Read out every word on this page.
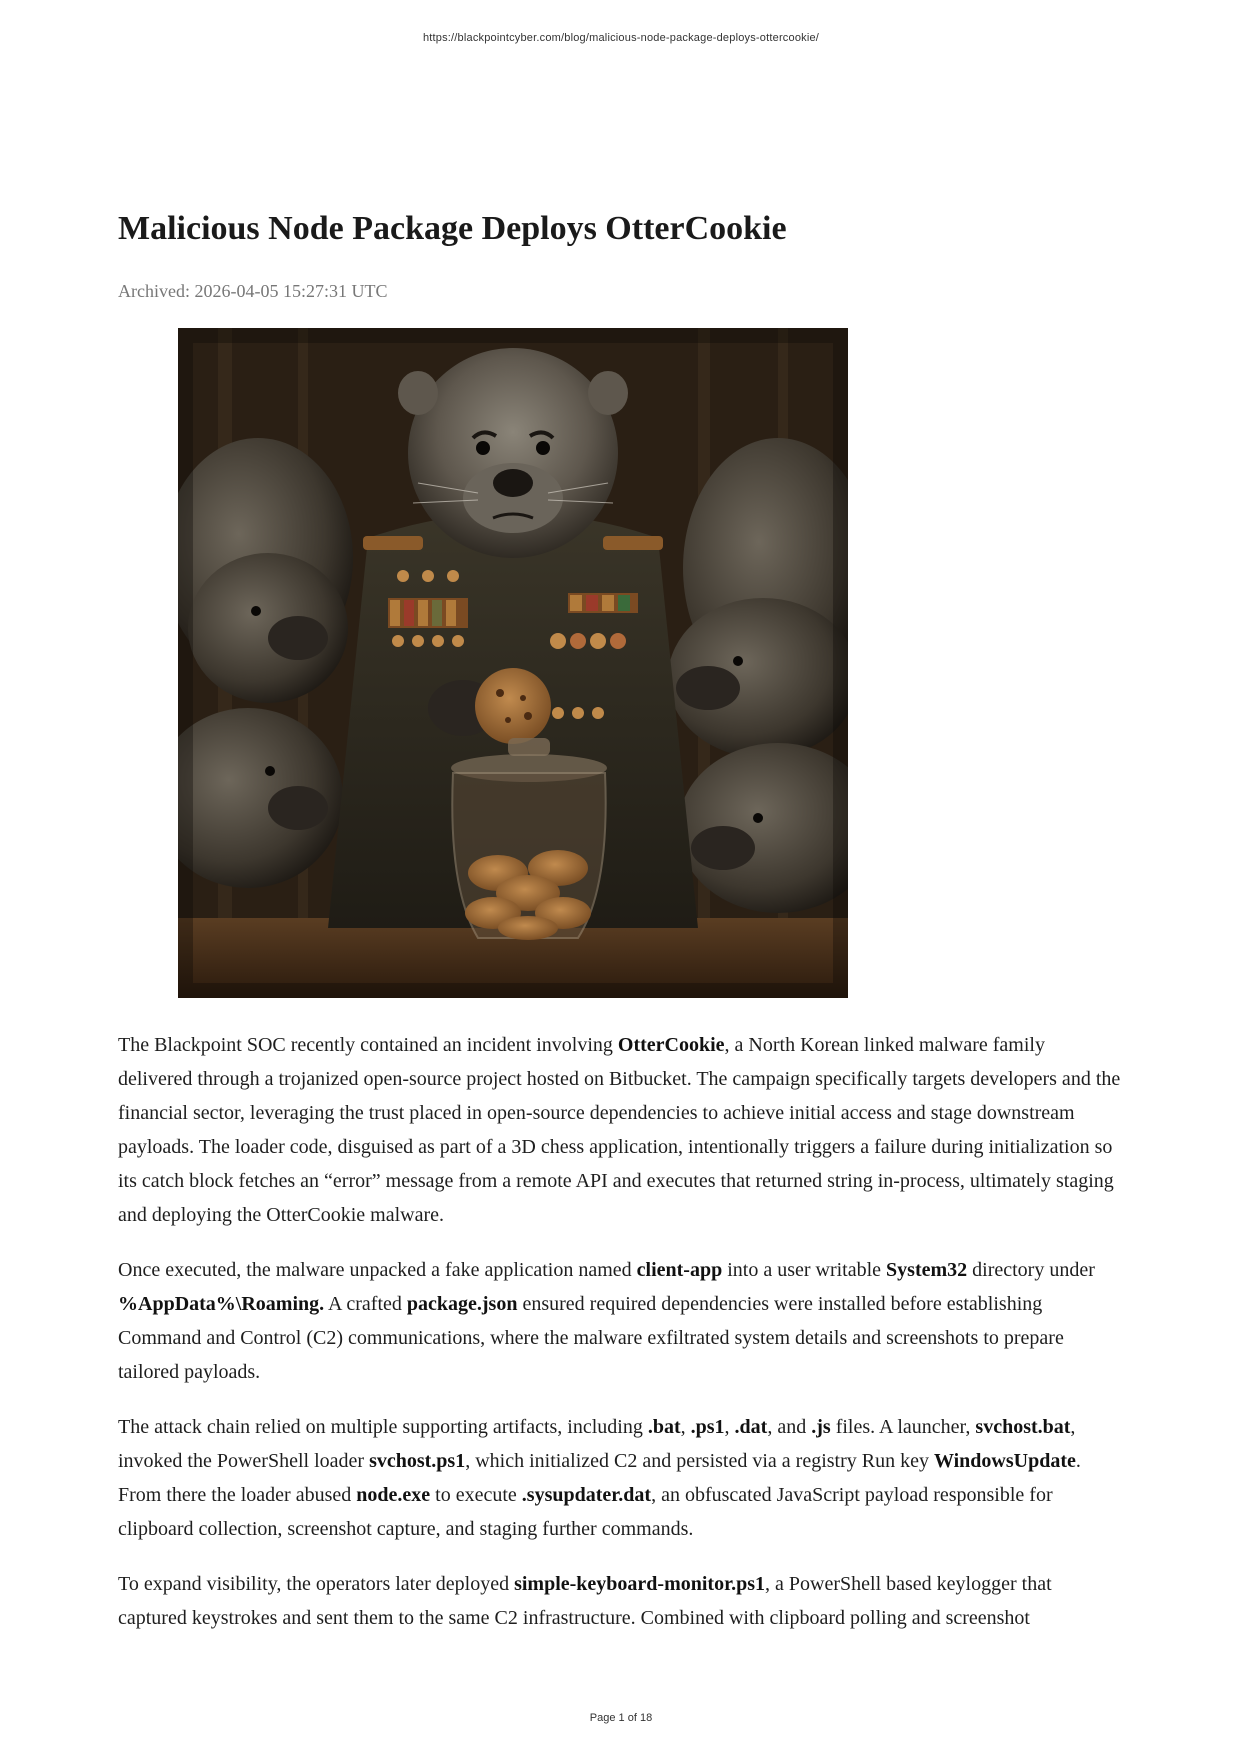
https://blackpointcyber.com/blog/malicious-node-package-deploys-ottercookie/
Malicious Node Package Deploys OtterCookie
Archived: 2026-04-05 15:27:31 UTC

The Blackpoint SOC recently contained an incident involving OtterCookie, a North Korean linked malware family delivered through a trojanized open-source project hosted on Bitbucket. The campaign specifically targets developers and the financial sector, leveraging the trust placed in open-source dependencies to achieve initial access and stage downstream payloads. The loader code, disguised as part of a 3D chess application, intentionally triggers a failure during initialization so its catch block fetches an “error” message from a remote API and executes that returned string in-process, ultimately staging and deploying the OtterCookie malware.

Once executed, the malware unpacked a fake application named client-app into a user writable System32 directory under %AppData%\Roaming. A crafted package.json ensured required dependencies were installed before establishing Command and Control (C2) communications, where the malware exfiltrated system details and screenshots to prepare tailored payloads.

The attack chain relied on multiple supporting artifacts, including .bat, .ps1, .dat, and .js files. A launcher, svchost.bat, invoked the PowerShell loader svchost.ps1, which initialized C2 and persisted via a registry Run key WindowsUpdate. From there the loader abused node.exe to execute .sysupdater.dat, an obfuscated JavaScript payload responsible for clipboard collection, screenshot capture, and staging further commands.

To expand visibility, the operators later deployed simple-keyboard-monitor.ps1, a PowerShell based keylogger that captured keystrokes and sent them to the same C2 infrastructure. Combined with clipboard polling and screenshot

Page 1 of 18
